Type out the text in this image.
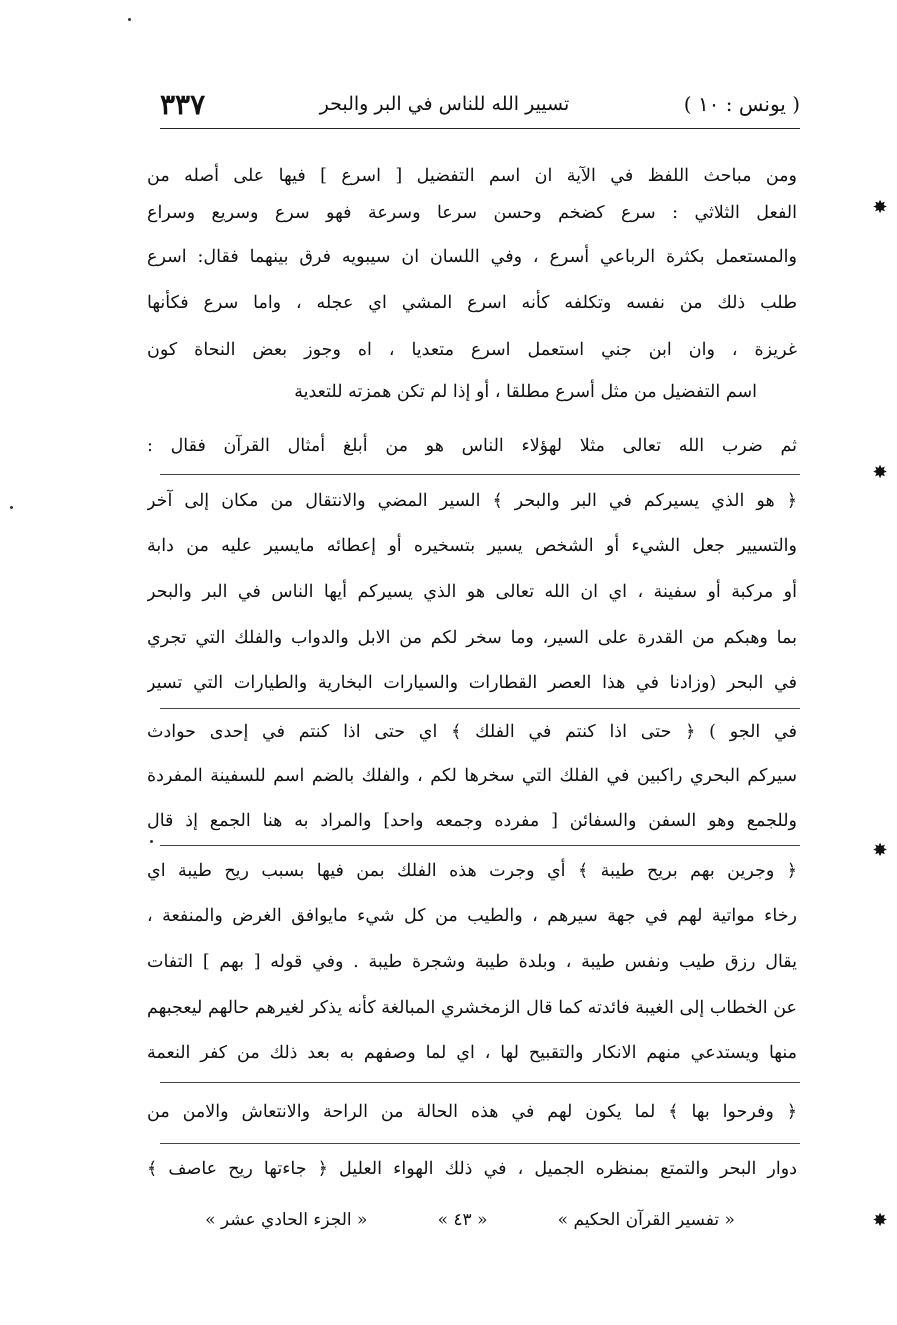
( يونس : ١٠ )
تسيير الله للناس في البر والبحر
٣٣٧
ومن مباحث اللفظ في الآية ان اسم التفضيل [ اسرع ] فيها على أصله من
الفعل الثلاثي : سرع كضخم وحسن سرعا وسرعة فهو سرع وسريع وسراع
والمستعمل بكثرة الرباعي أسرع ، وفي اللسان ان سيبويه فرق بينهما فقال: اسرع
طلب ذلك من نفسه وتكلفه كأنه اسرع المشي اي عجله ، واما سرع فكأنها
غريزة ، وان ابن جني استعمل اسرع متعديا ، اه وجوز بعض النحاة كون
اسم التفضيل من مثل أسرع مطلقا ، أو إذا لم تكن همزته للتعدية
ثم ضرب الله تعالى مثلا لهؤلاء الناس هو من أبلغ أمثال القرآن فقال :
﴿ هو الذي يسيركم في البر والبحر ﴾ السير المضي والانتقال من مكان إلى آخر
والتسيير جعل الشيء أو الشخص يسير بتسخيره أو إعطائه مايسير عليه من دابة
أو مركبة أو سفينة ، اي ان الله تعالى هو الذي يسيركم أيها الناس في البر والبحر
بما وهبكم من القدرة على السير، وما سخر لكم من الابل والدواب والفلك التي تجري
في البحر (وزادنا في هذا العصر القطارات والسيارات البخارية والطيارات التي تسير
في الجو ) ﴿ حتى اذا كنتم في الفلك ﴾ اي حتى اذا كنتم في إحدى حوادث
سيركم البحري راكبين في الفلك التي سخرها لكم ، والفلك بالضم اسم للسفينة المفردة
وللجمع وهو السفن والسفائن [ مفرده وجمعه واحد] والمراد به هنا الجمع إذ قال
﴿ وجرين بهم بريح طيبة ﴾ أي وجرت هذه الفلك بمن فيها بسبب ريح طيبة اي
رخاء مواتية لهم في جهة سيرهم ، والطيب من كل شيء مايوافق الغرض والمنفعة ،
يقال رزق طيب ونفس طيبة ، وبلدة طيبة وشجرة طيبة . وفي قوله [ بهم ] التفات
عن الخطاب إلى الغيبة فائدته كما قال الزمخشري المبالغة كأنه يذكر لغيرهم حالهم ليعجبهم
منها ويستدعي منهم الانكار والتقبيح لها ، اي لما وصفهم به بعد ذلك من كفر النعمة
﴿ وفرحوا بها ﴾ لما يكون لهم في هذه الحالة من الراحة والانتعاش والامن من
دوار البحر والتمتع بمنظره الجميل ، في ذلك الهواء العليل ﴿ جاءتها ريح عاصف ﴾
« تفسير القرآن الحكيم »
« ٤٣ »
« الجزء الحادي عشر »
✸
✸
✸
✸
